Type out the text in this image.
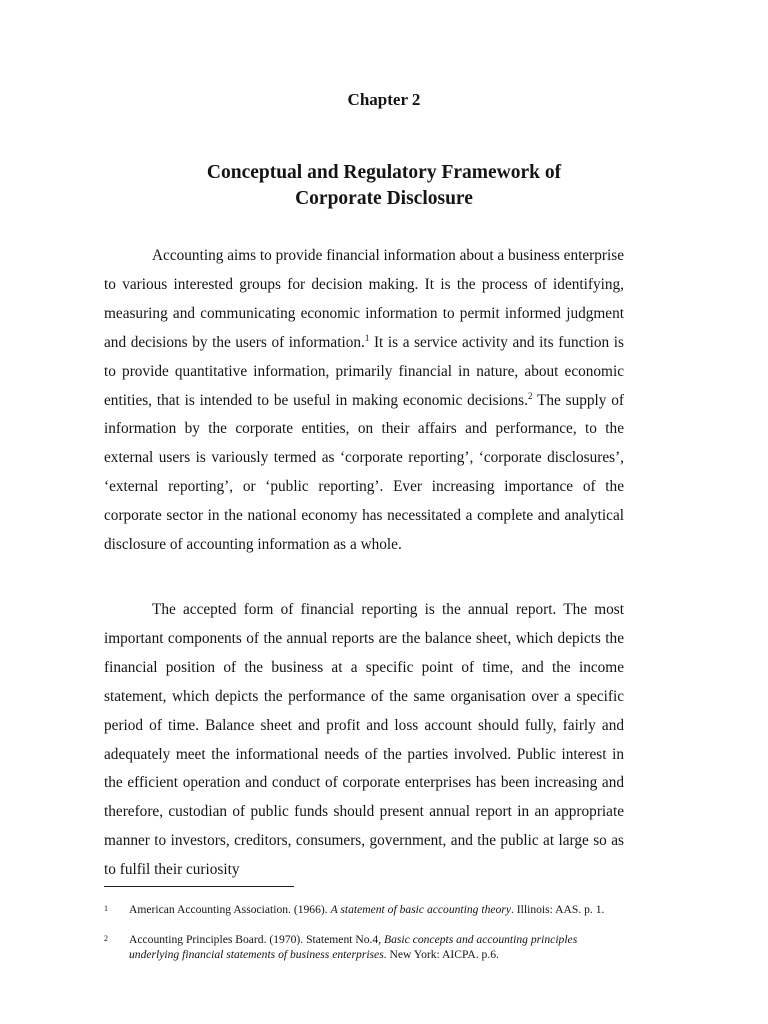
Chapter 2
Conceptual and Regulatory Framework of
Corporate Disclosure

Accounting aims to provide financial information about a business enterprise to various interested groups for decision making. It is the process of identifying, measuring and communicating economic information to permit informed judgment and decisions by the users of information.$^1$ It is a service activity and its function is to provide quantitative information, primarily financial in nature, about economic entities, that is intended to be useful in making economic decisions.$^2$ The supply of information by the corporate entities, on their affairs and performance, to the external users is variously termed as ‘corporate reporting’, ‘corporate disclosures’, ‘external reporting’, or ‘public reporting’. Ever increasing importance of the corporate sector in the national economy has necessitated a complete and analytical disclosure of accounting information as a whole.

The accepted form of financial reporting is the annual report. The most important components of the annual reports are the balance sheet, which depicts the financial position of the business at a specific point of time, and the income statement, which depicts the performance of the same organisation over a specific period of time. Balance sheet and profit and loss account should fully, fairly and adequately meet the informational needs of the parties involved. Public interest in the efficient operation and conduct of corporate enterprises has been increasing and therefore, custodian of public funds should present annual report in an appropriate manner to investors, creditors, consumers, government, and the public at large so as to fulfil their curiosity

1 American Accounting Association. (1966). A statement of basic accounting theory. Illinois: AAS. p. 1.
2 Accounting Principles Board. (1970). Statement No.4, Basic concepts and accounting principles underlying financial statements of business enterprises. New York: AICPA. p.6.
